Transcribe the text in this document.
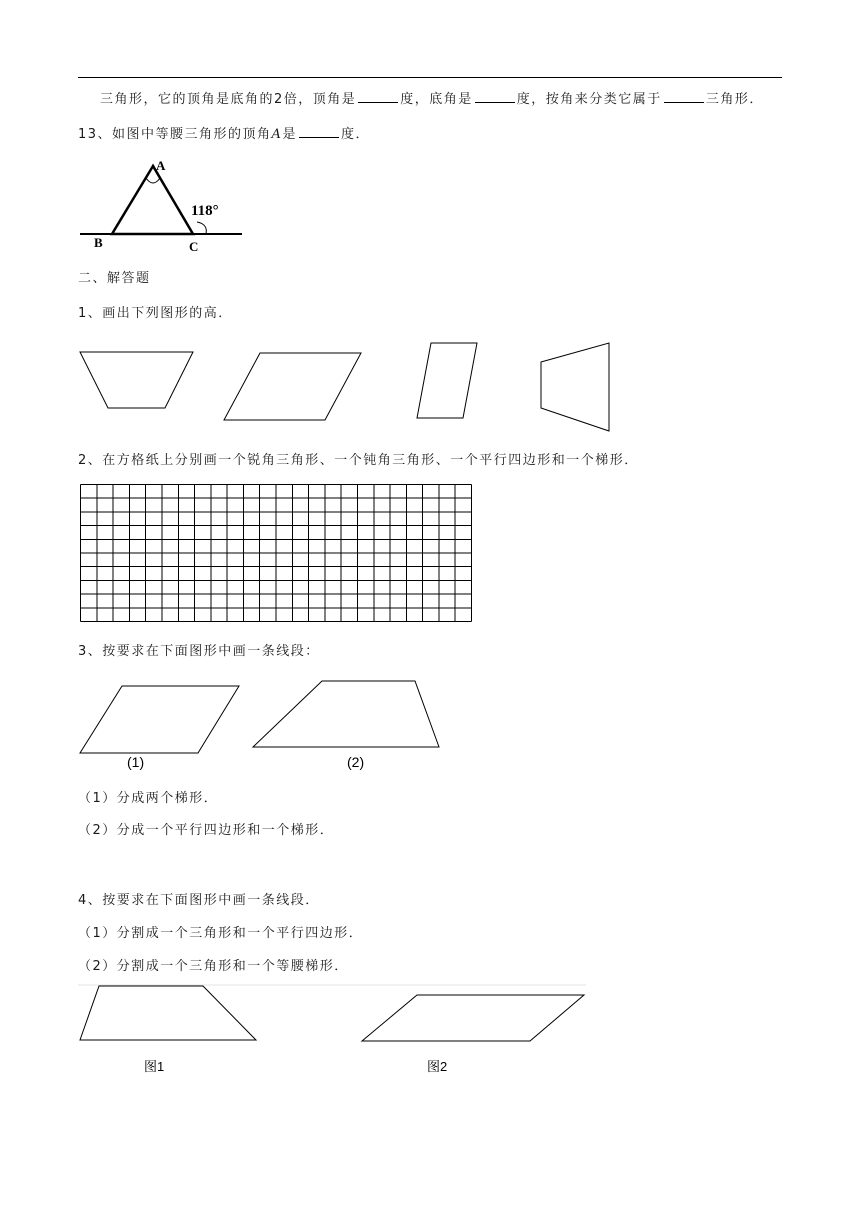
三角形，它的顶角是底角的2倍，顶角是	度，底角是	度，按角来分类它属于	三角形．
13、如图中等腰三角形的顶角A是	度．
A
B	C
118°
二、解答题
1、画出下列图形的高．
2、在方格纸上分别画一个锐角三角形、一个钝角三角形、一个平行四边形和一个梯形．
3、按要求在下面图形中画一条线段：
(1)	(2)
（1）分成两个梯形．
（2）分成一个平行四边形和一个梯形．
4、按要求在下面图形中画一条线段．
（1）分割成一个三角形和一个平行四边形．
（2）分割成一个三角形和一个等腰梯形．
图1	图2
